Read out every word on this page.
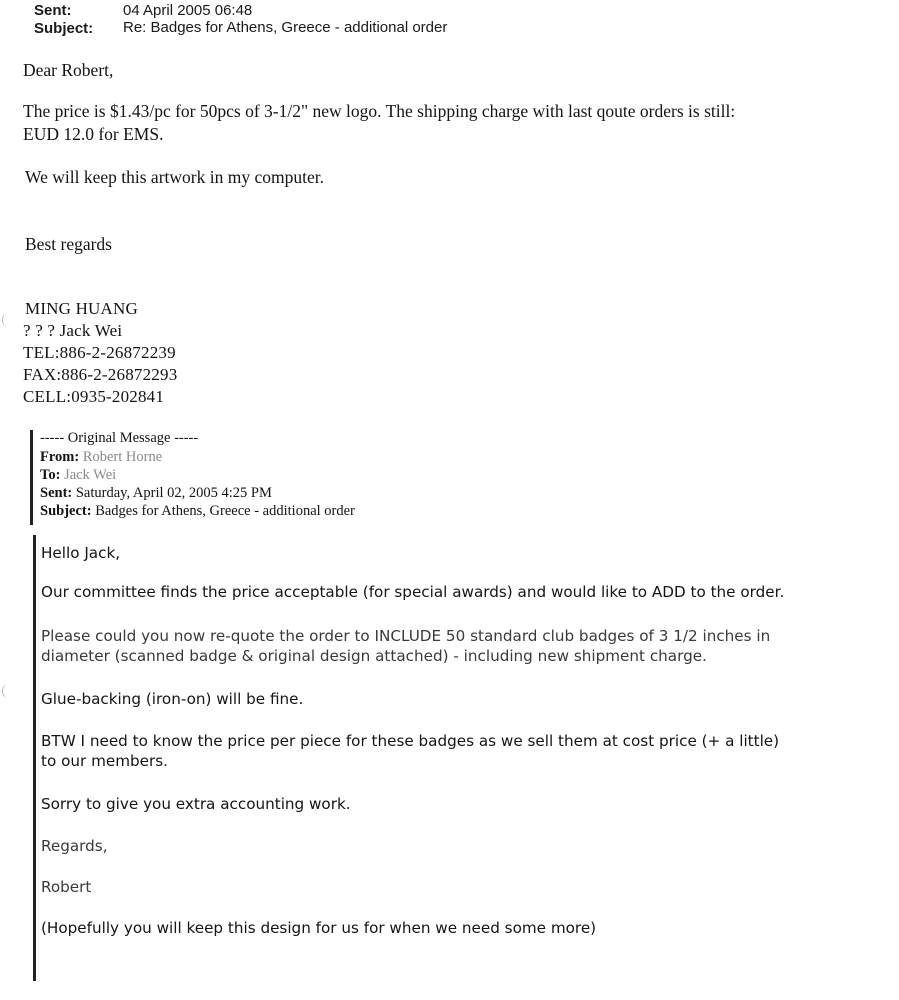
Sent:	04 April 2005 06:48
Subject: Re: Badges for Athens, Greece - additional order
Dear Robert,
The price is $1.43/pc for 50pcs of 3-1/2" new logo. The shipping charge with last qoute orders is still:
EUD 12.0 for EMS.
We will keep this artwork in my computer.
Best regards
MING HUANG
? ? ? Jack Wei
TEL:886-2-26872239
FAX:886-2-26872293
CELL:0935-202841
----- Original Message -----
From: Robert Horne
To: Jack Wei
Sent: Saturday, April 02, 2005 4:25 PM
Subject: Badges for Athens, Greece - additional order
Hello Jack,
Our committee finds the price acceptable (for special awards) and would like to ADD to the order.
Please could you now re-quote the order to INCLUDE 50 standard club badges of 3 1/2 inches in
diameter (scanned badge & original design attached) - including new shipment charge.
Glue-backing (iron-on) will be fine.
BTW I need to know the price per piece for these badges as we sell them at cost price (+ a little)
to our members.
Sorry to give you extra accounting work.
Regards,
Robert
(Hopefully you will keep this design for us for when we need some more)
